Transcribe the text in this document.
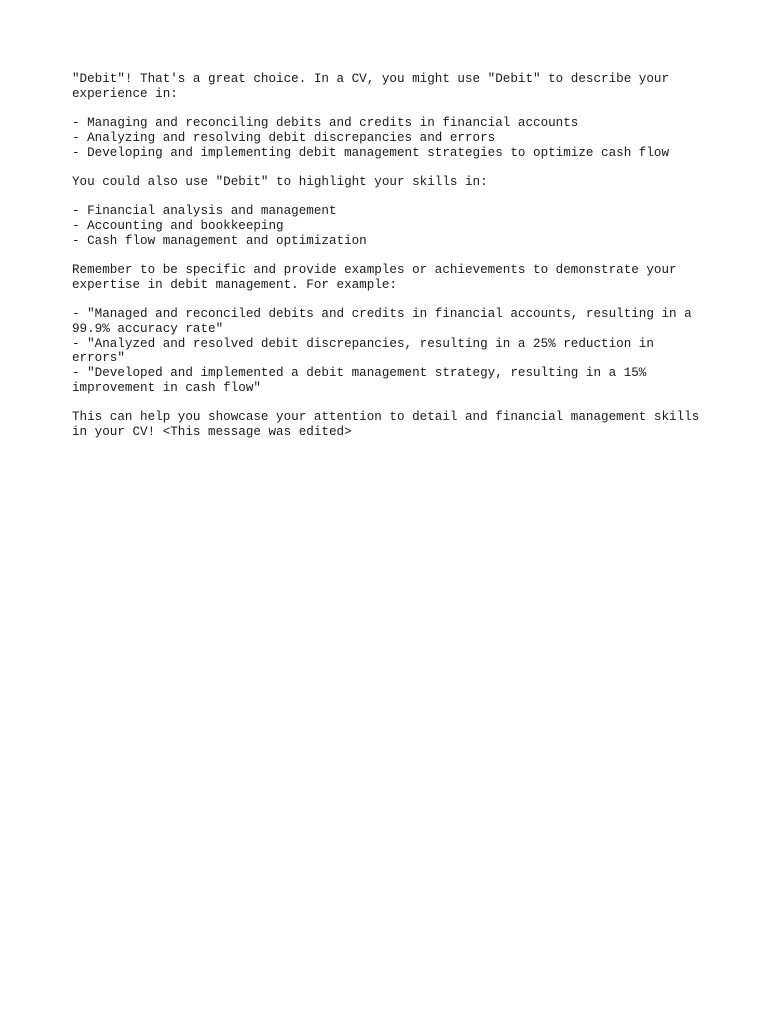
"Debit"! That's a great choice. In a CV, you might use "Debit" to describe your experience in:

- Managing and reconciling debits and credits in financial accounts
- Analyzing and resolving debit discrepancies and errors
- Developing and implementing debit management strategies to optimize cash flow

You could also use "Debit" to highlight your skills in:

- Financial analysis and management
- Accounting and bookkeeping
- Cash flow management and optimization

Remember to be specific and provide examples or achievements to demonstrate your expertise in debit management. For example:

- "Managed and reconciled debits and credits in financial accounts, resulting in a 99.9% accuracy rate"
- "Analyzed and resolved debit discrepancies, resulting in a 25% reduction in errors"
- "Developed and implemented a debit management strategy, resulting in a 15% improvement in cash flow"

This can help you showcase your attention to detail and financial management skills in your CV! <This message was edited>
